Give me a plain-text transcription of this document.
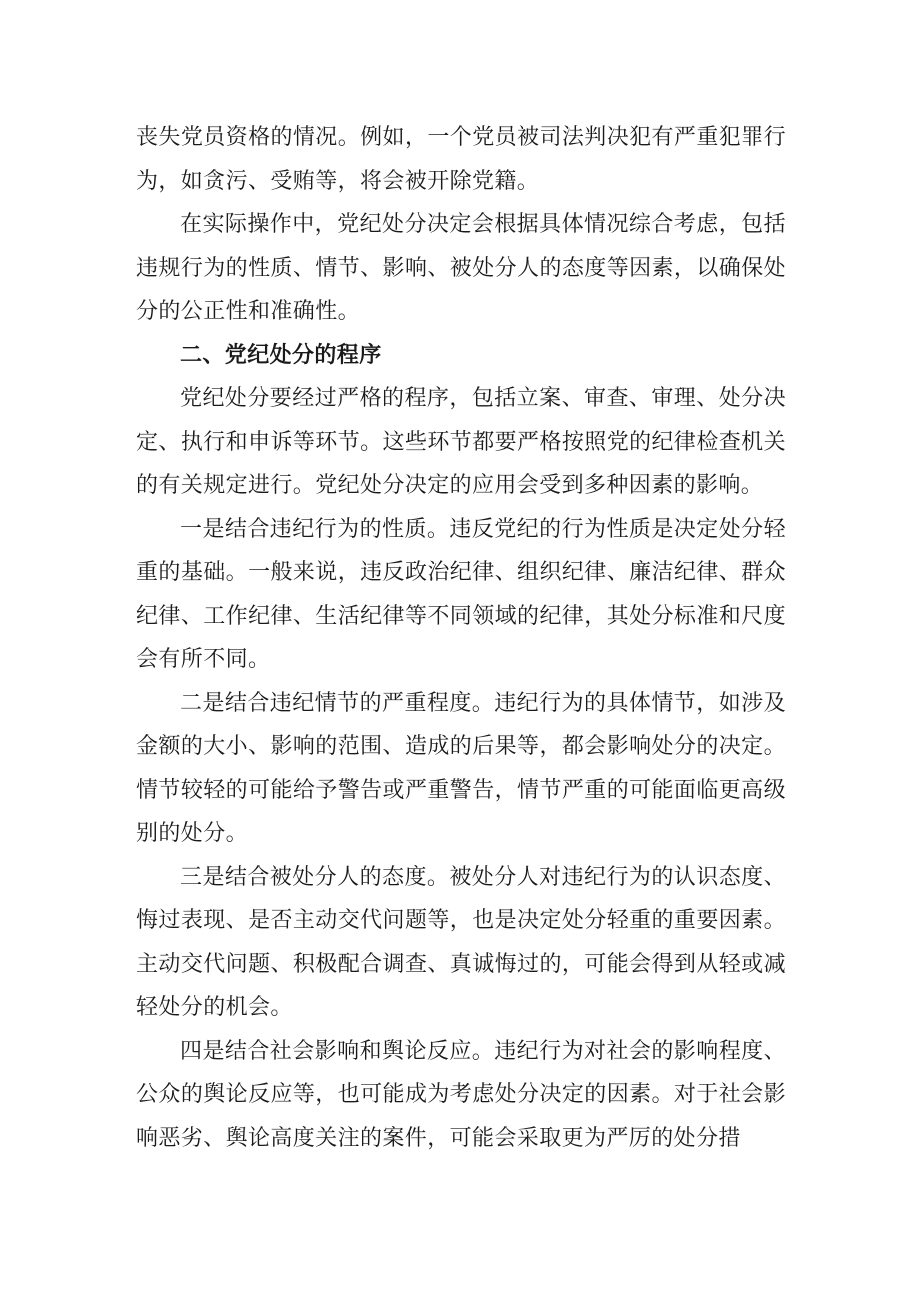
丧失党员资格的情况。例如，一个党员被司法判决犯有严重犯罪行为，如贪污、受贿等，将会被开除党籍。

在实际操作中，党纪处分决定会根据具体情况综合考虑，包括违规行为的性质、情节、影响、被处分人的态度等因素，以确保处分的公正性和准确性。

二、党纪处分的程序

党纪处分要经过严格的程序，包括立案、审查、审理、处分决定、执行和申诉等环节。这些环节都要严格按照党的纪律检查机关的有关规定进行。党纪处分决定的应用会受到多种因素的影响。

一是结合违纪行为的性质。违反党纪的行为性质是决定处分轻重的基础。一般来说，违反政治纪律、组织纪律、廉洁纪律、群众纪律、工作纪律、生活纪律等不同领域的纪律，其处分标准和尺度会有所不同。

二是结合违纪情节的严重程度。违纪行为的具体情节，如涉及金额的大小、影响的范围、造成的后果等，都会影响处分的决定。情节较轻的可能给予警告或严重警告，情节严重的可能面临更高级别的处分。

三是结合被处分人的态度。被处分人对违纪行为的认识态度、悔过表现、是否主动交代问题等，也是决定处分轻重的重要因素。主动交代问题、积极配合调查、真诚悔过的，可能会得到从轻或减轻处分的机会。

四是结合社会影响和舆论反应。违纪行为对社会的影响程度、公众的舆论反应等，也可能成为考虑处分决定的因素。对于社会影响恶劣、舆论高度关注的案件，可能会采取更为严厉的处分措
